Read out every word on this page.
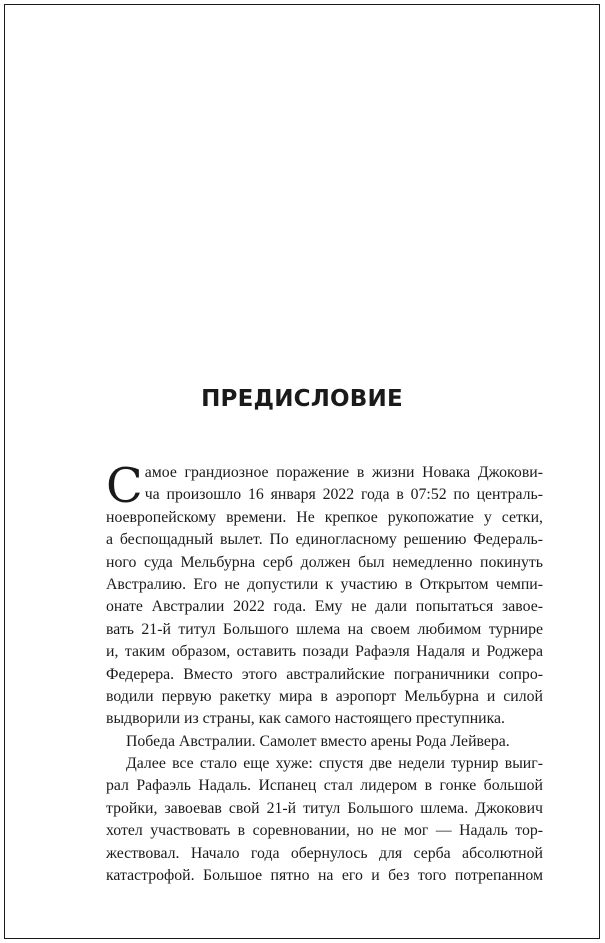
ПРЕДИСЛОВИЕ
С амое грандиозное поражение в жизни Новака Джокови-
ча произошло 16 января 2022 года в 07:52 по централь-
ноевропейскому времени. Не крепкое рукопожатие у сетки,
а беспощадный вылет. По единогласному решению Федераль-
ного суда Мельбурна серб должен был немедленно покинуть
Австралию. Его не допустили к участию в Открытом чемпи-
онате Австралии 2022 года. Ему не дали попытаться завое-
вать 21-й титул Большого шлема на своем любимом турнире
и, таким образом, оставить позади Рафаэля Надаля и Роджера
Федерера. Вместо этого австралийские пограничники сопро-
водили первую ракетку мира в аэропорт Мельбурна и силой
выдворили из страны, как самого настоящего преступника.
Победа Австралии. Самолет вместо арены Рода Лейвера.
Далее все стало еще хуже: спустя две недели турнир выиг-
рал Рафаэль Надаль. Испанец стал лидером в гонке большой
тройки, завоевав свой 21-й титул Большого шлема. Джокович
хотел участвовать в соревновании, но не мог — Надаль тор-
жествовал. Начало года обернулось для серба абсолютной
катастрофой. Большое пятно на его и без того потрепанном
